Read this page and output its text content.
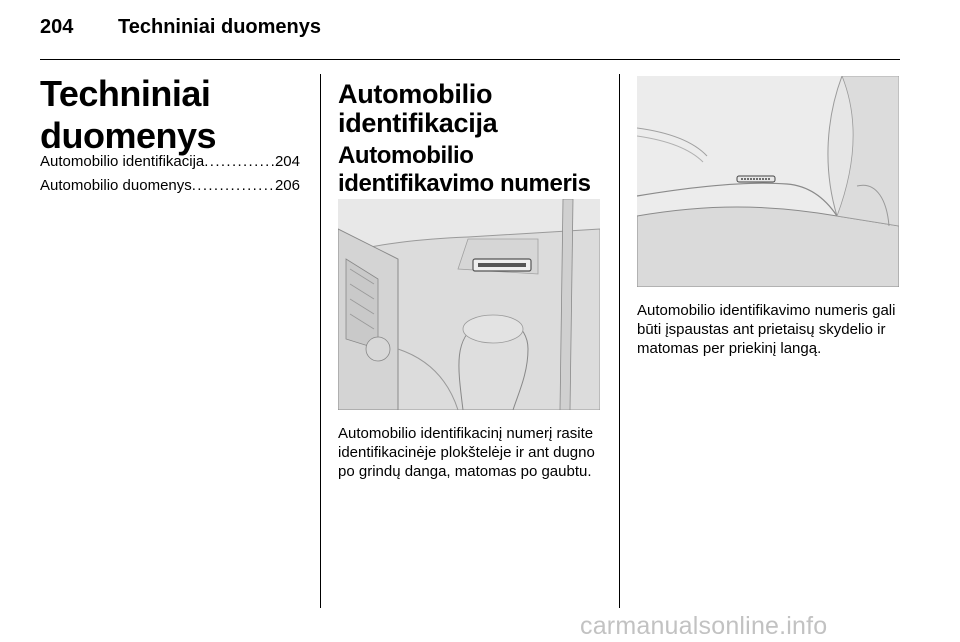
204 Techniniai duomenys
Techniniai duomenys
Automobilio identifikacija . . .	204
Automobilio duomenys . . .	206
Automobilio identifikacija
Automobilio identifikavimo numeris
Automobilio identifikacinį numerį rasite identifikacinėje plokštelėje ir ant dugno po grindų danga, matomas po gaubtu.
Automobilio identifikavimo numeris gali būti įspaustas ant prietaisų skydelio ir matomas per priekinį langą.
carmanualsonline.info
